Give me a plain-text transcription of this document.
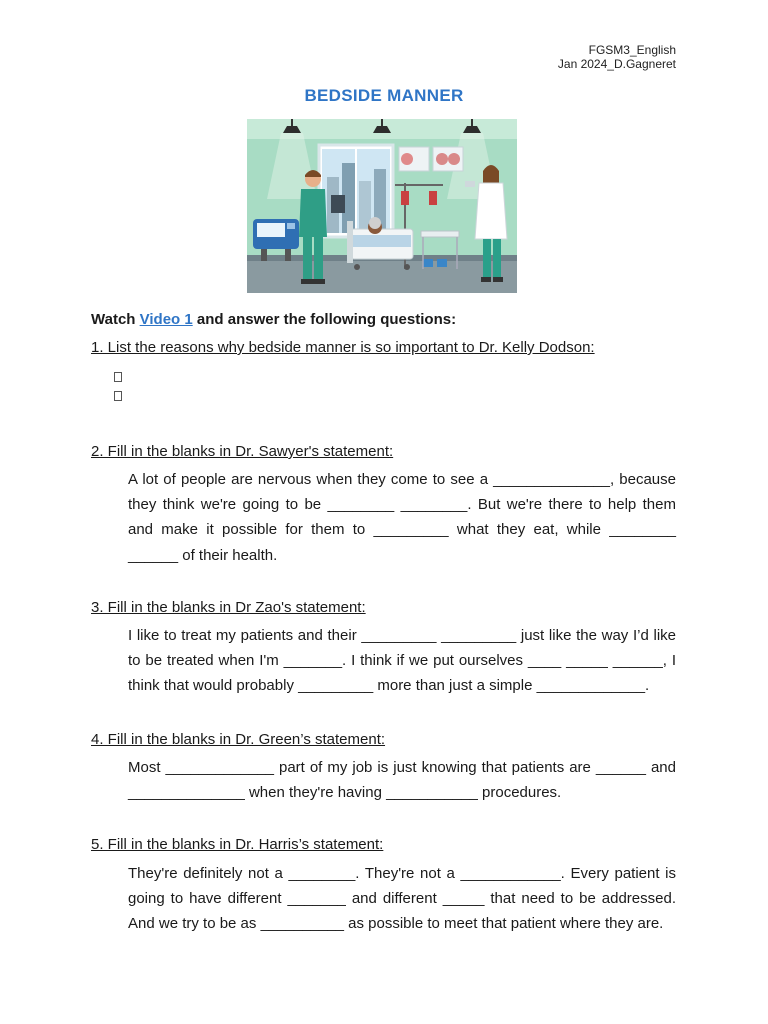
FGSM3_English
Jan 2024_D.Gagneret
BEDSIDE MANNER
Watch Video 1 and answer the following questions:
1. List the reasons why bedside manner is so important to Dr. Kelly Dodson:
2. Fill in the blanks in Dr. Sawyer's statement:
A lot of people are nervous when they come to see a ______________, because they think we're going to be ________ ________. But we're there to help them and make it possible for them to _________ what they eat, while ________ ______ of their health.
3. Fill in the blanks in Dr Zao's statement:
I like to treat my patients and their _________ _________ just like the way I’d like to be treated when I'm _______. I think if we put ourselves ____ _____ ______, I think that would probably _________ more than just a simple _____________.
4. Fill in the blanks in Dr. Green’s statement:
Most _____________ part of my job is just knowing that patients are ______ and ______________ when they're having ___________ procedures.
5. Fill in the blanks in Dr. Harris’s statement:
They're definitely not a ________. They're not a ____________. Every patient is going to have different _______ and different _____ that need to be addressed. And we try to be as __________ as possible to meet that patient where they are.
